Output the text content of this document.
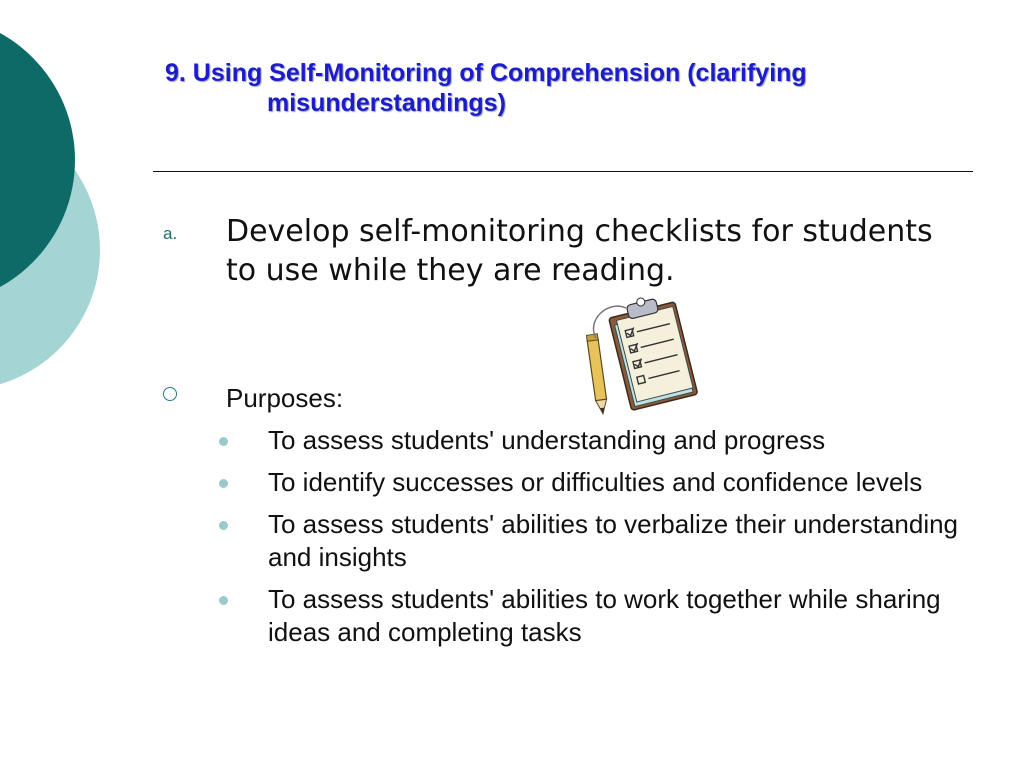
9. Using Self-Monitoring of Comprehension (clarifying
misunderstandings)
a. Develop self-monitoring checklists for students to use while they are reading.
Purposes:
To assess students' understanding and progress
To identify successes or difficulties and confidence levels
To assess students' abilities to verbalize their understanding and insights
To assess students' abilities to work together while sharing ideas and completing tasks
